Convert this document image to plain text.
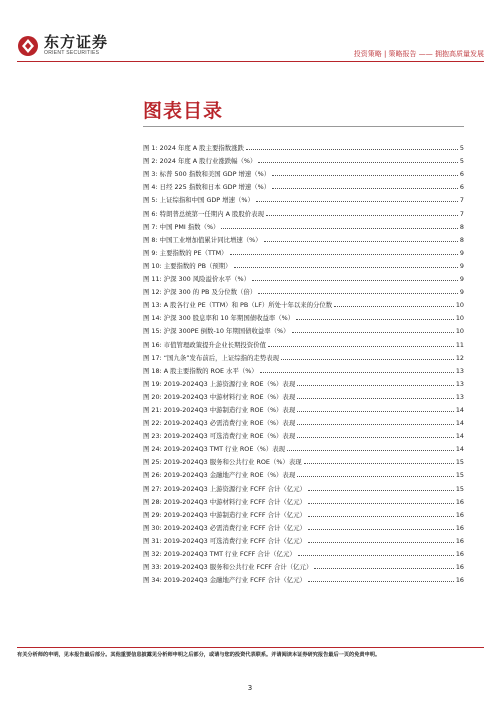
东方证券
ORIENT SECURITIES	投资策略 | 策略报告 —— 拥抱高质量发展
图表目录
图 1: 2024 年度 A 股主要指数涨跌	5
图 2: 2024 年度 A 股行业涨跌幅（%）	5
图 3: 标普 500 指数和美国 GDP 增速（%）	6
图 4: 日经 225 指数和日本 GDP 增速（%）	6
图 5: 上证综指和中国 GDP 增速（%）	7
图 6: 特朗普总统第一任期内 A 股股价表现	7
图 7: 中国 PMI 指数（%）	8
图 8: 中国工业增加值累计同比增速（%）	8
图 9: 主要指数的 PE（TTM）	9
图 10: 主要指数的 PB（预期）	9
图 11: 沪深 300 风险溢价水平（%）	9
图 12: 沪深 300 的 PB 及分位数（倍）	9
图 13: A 股各行业 PE（TTM）和 PB（LF）所处十年以来的分位数	10
图 14: 沪深 300 股息率和 10 年期国债收益率（%）	10
图 15: 沪深 300PE 倒数-10 年期国债收益率（%）	10
图 16: 市值管理政策提升企业长期投资价值	11
图 17: “国九条”发布前后，上证综指的走势表现	12
图 18: A 股主要指数的 ROE 水平（%）	13
图 19: 2019-2024Q3 上游资源行业 ROE（%）表现	13
图 20: 2019-2024Q3 中游材料行业 ROE（%）表现	13
图 21: 2019-2024Q3 中游制造行业 ROE（%）表现	14
图 22: 2019-2024Q3 必需消费行业 ROE（%）表现	14
图 23: 2019-2024Q3 可选消费行业 ROE（%）表现	14
图 24: 2019-2024Q3 TMT 行业 ROE（%）表现	14
图 25: 2019-2024Q3 服务和公共行业 ROE（%）表现	15
图 26: 2019-2024Q3 金融地产行业 ROE（%）表现	15
图 27: 2019-2024Q3 上游资源行业 FCFF 合计（亿元）	15
图 28: 2019-2024Q3 中游材料行业 FCFF 合计（亿元）	16
图 29: 2019-2024Q3 中游制造行业 FCFF 合计（亿元）	16
图 30: 2019-2024Q3 必需消费行业 FCFF 合计（亿元）	16
图 31: 2019-2024Q3 可选消费行业 FCFF 合计（亿元）	16
图 32: 2019-2024Q3 TMT 行业 FCFF 合计（亿元）	16
图 33: 2019-2024Q3 服务和公共行业 FCFF 合计（亿元）	16
图 34: 2019-2024Q3 金融地产行业 FCFF 合计（亿元）	16
有关分析师的申明，见本报告最后部分。其他重要信息披露见分析师申明之后部分，或请与您的投资代表联系。并请阅读本证券研究报告最后一页的免责申明。
3
